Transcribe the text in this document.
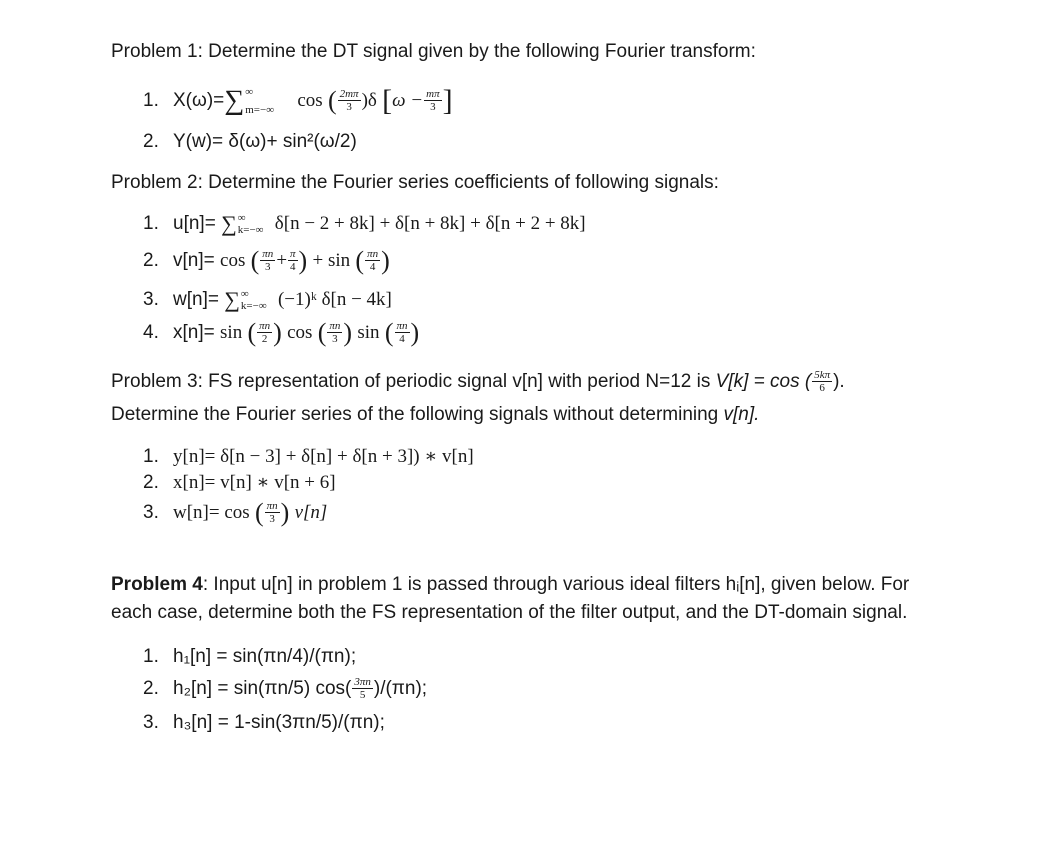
Problem 1: Determine the DT signal given by the following Fourier transform:
1. X(ω)=∑ ∞
m=−∞ cos ( $\frac{2m\pi}{3} )\delta$ [$\omega - \frac{m\pi}{3}$ ]
2. Y(w)= δ(ω)+ sin²(ω/2)
Problem 2: Determine the Fourier series coefficients of following signals:
1. u[n]= ∑ ∞
k=−∞ δ[n − 2 + 8k] + δ[n + 8k] + δ[n + 2 + 8k]
2. v[n]= cos ( $\frac{\pi n}{3} + \frac{\pi}{4}$ ) + sin ( $\frac{\pi n}{4}$ )
3. w[n]= ∑ ∞
k=−∞ (−1)ᵏ δ[n − 4k]
4. x[n]= sin ( $\frac{\pi n}{2}$ ) cos ( $\frac{\pi n}{3}$ ) sin ( $\frac{\pi n}{4}$ )
Problem 3: FS representation of periodic signal v[n] with period N=12 is V[k] = cos ( $\frac{5k\pi}{6}$ ).
Determine the Fourier series of the following signals without determining v[n].
1. y[n]= δ[n − 3] + δ[n] + δ[n + 3]) ∗ v[n]
2. x[n]= v[n] ∗ v[n + 6]
3. w[n]= cos ( $\frac{\pi n}{3}$ ) v[n]
Problem 4: Input u[n] in problem 1 is passed through various ideal filters hᵢ[n], given below. For
each case, determine both the FS representation of the filter output, and the DT-domain signal.
1. h₁[n] = sin(πn/4)/(πn);
2. h₂[n] = sin(πn/5) $\cos( \frac{3\pi n}{5} )/(\pi n)$;
3. h₃[n] = 1-sin(3πn/5)/(πn);
